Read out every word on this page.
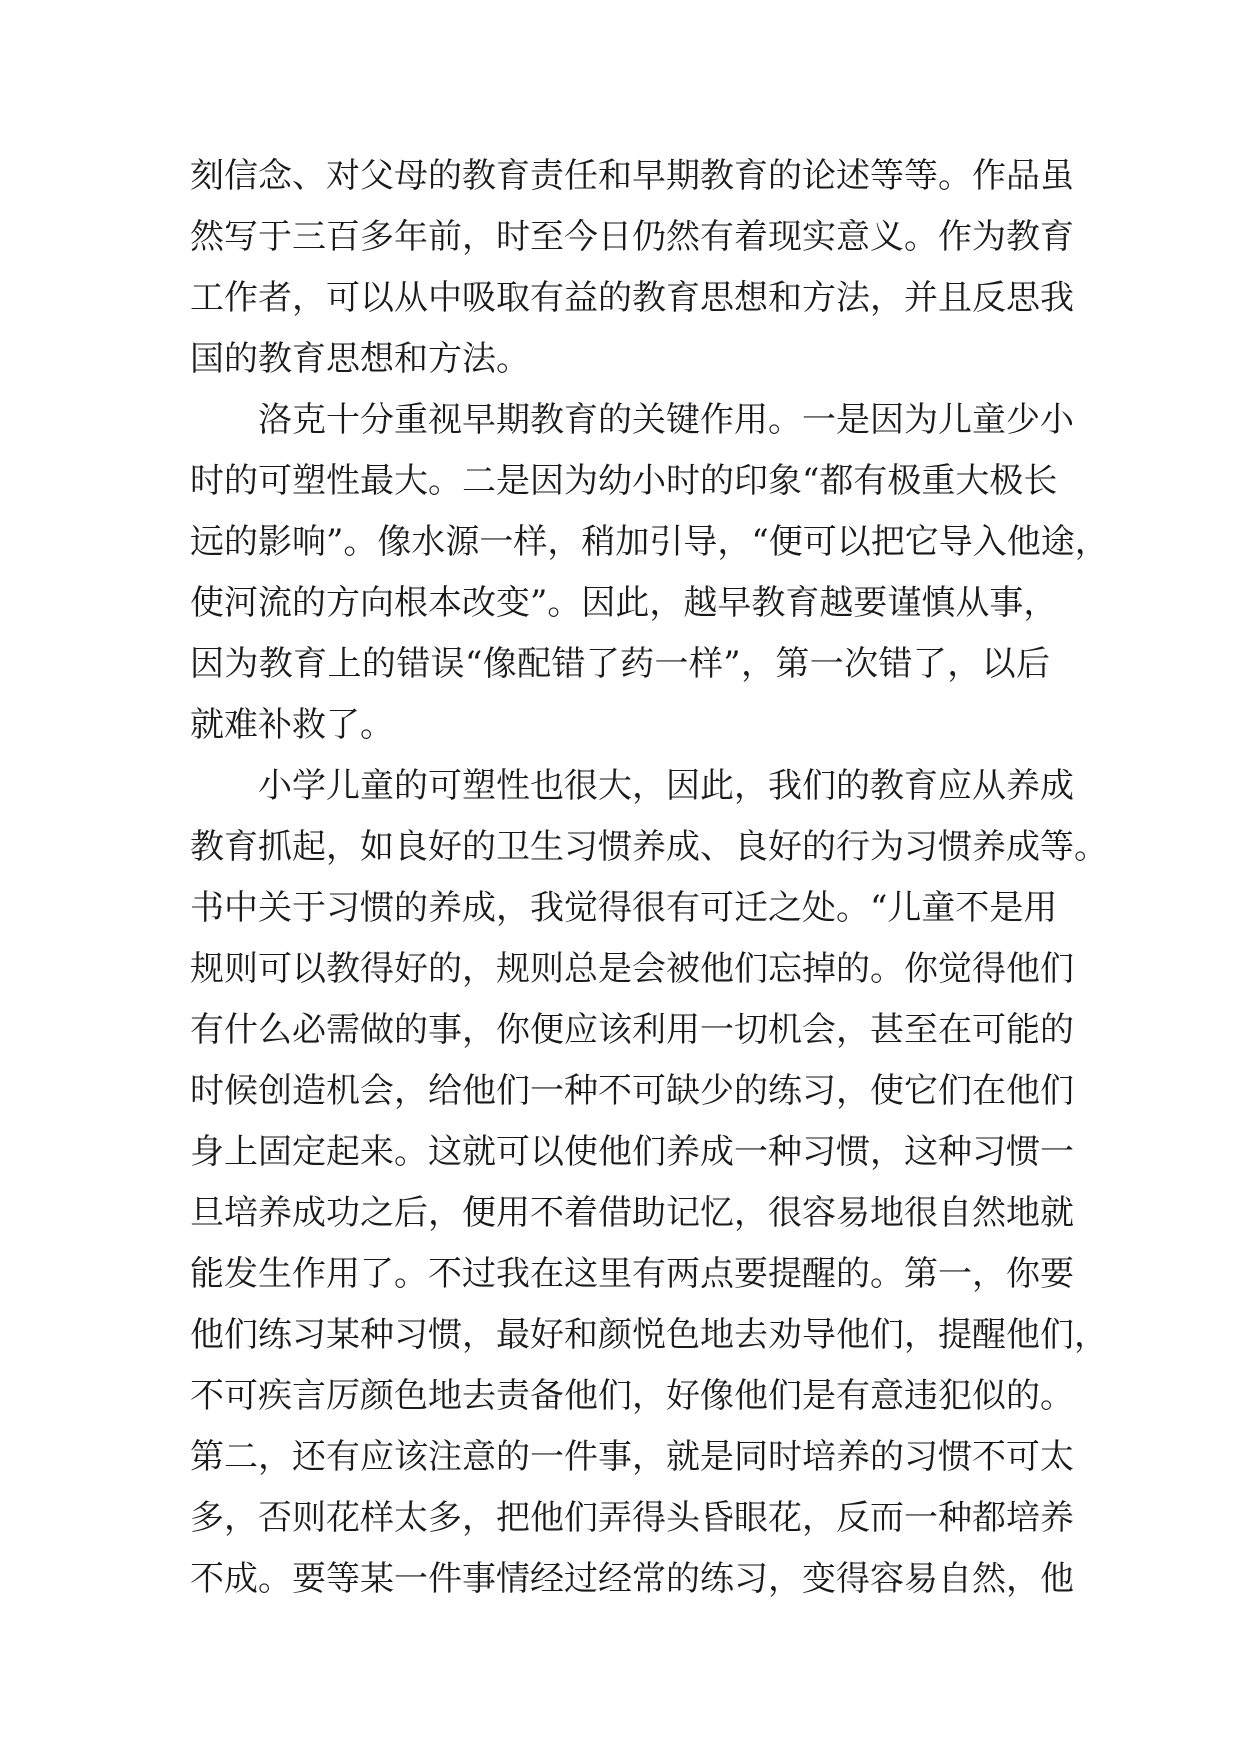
刻信念、对父母的教育责任和早期教育的论述等等。作品虽
然写于三百多年前，时至今日仍然有着现实意义。作为教育
工作者，可以从中吸取有益的教育思想和方法，并且反思我
国的教育思想和方法。
洛克十分重视早期教育的关键作用。一是因为儿童少小
时的可塑性最大。二是因为幼小时的印象“都有极重大极长
远的影响”。像水源一样，稍加引导，“便可以把它导入他途，
使河流的方向根本改变”。因此，越早教育越要谨慎从事，
因为教育上的错误“像配错了药一样”，第一次错了，以后
就难补救了。
小学儿童的可塑性也很大，因此，我们的教育应从养成
教育抓起，如良好的卫生习惯养成、良好的行为习惯养成等。
书中关于习惯的养成，我觉得很有可迁之处。“儿童不是用
规则可以教得好的，规则总是会被他们忘掉的。你觉得他们
有什么必需做的事，你便应该利用一切机会，甚至在可能的
时候创造机会，给他们一种不可缺少的练习，使它们在他们
身上固定起来。这就可以使他们养成一种习惯，这种习惯一
旦培养成功之后，便用不着借助记忆，很容易地很自然地就
能发生作用了。不过我在这里有两点要提醒的。第一，你要
他们练习某种习惯，最好和颜悦色地去劝导他们，提醒他们，
不可疾言厉颜色地去责备他们，好像他们是有意违犯似的。
第二，还有应该注意的一件事，就是同时培养的习惯不可太
多，否则花样太多，把他们弄得头昏眼花，反而一种都培养
不成。要等某一件事情经过经常的练习，变得容易自然，他
